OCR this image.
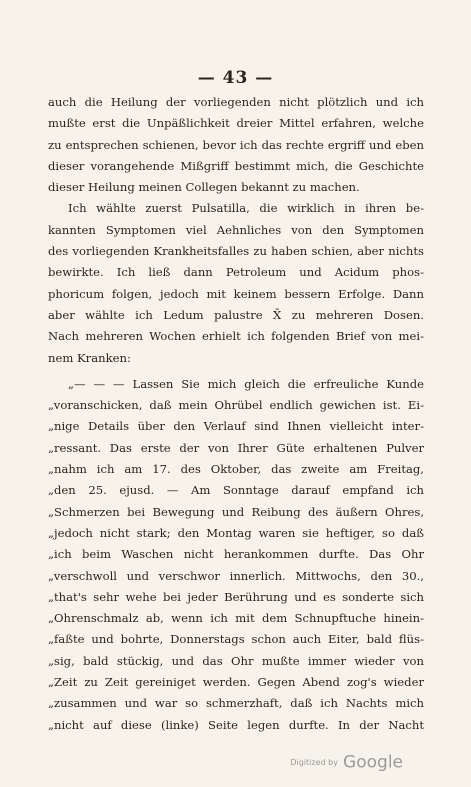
— 43 —
auch die Heilung der vorliegenden nicht plötzlich und ich
mußte erst die Unpäßlichkeit dreier Mittel erfahren, welche
zu entsprechen schienen, bevor ich das rechte ergriff und eben
dieser vorangehende Mißgriff bestimmt mich, die Geschichte
dieser Heilung meinen Collegen bekannt zu machen.
Ich wählte zuerst Pulsatilla, die wirklich in ihren be-
kannten Symptomen viel Aehnliches von den Symptomen
des vorliegenden Krankheitsfalles zu haben schien, aber nichts
bewirkte. Ich ließ dann Petroleum und Acidum phos-
phoricum folgen, jedoch mit keinem bessern Erfolge. Dann
aber wählte ich Ledum palustre X̄ zu mehreren Dosen.
Nach mehreren Wochen erhielt ich folgenden Brief von mei-
nem Kranken:
„— — — Lassen Sie mich gleich die erfreuliche Kunde
„voranschicken, daß mein Ohrübel endlich gewichen ist. Ei-
„nige Details über den Verlauf sind Ihnen vielleicht inter-
„ressant. Das erste der von Ihrer Güte erhaltenen Pulver
„nahm ich am 17. des Oktober, das zweite am Freitag,
„den 25. ejusd. — Am Sonntage darauf empfand ich
„Schmerzen bei Bewegung und Reibung des äußern Ohres,
„jedoch nicht stark; den Montag waren sie heftiger, so daß
„ich beim Waschen nicht herankommen durfte. Das Ohr
„verschwoll und verschwor innerlich. Mittwochs, den 30.,
„that's sehr wehe bei jeder Berührung und es sonderte sich
„Ohrenschmalz ab, wenn ich mit dem Schnupftuche hinein-
„faßte und bohrte, Donnerstags schon auch Eiter, bald flüs-
„sig, bald stückig, und das Ohr mußte immer wieder von
„Zeit zu Zeit gereiniget werden. Gegen Abend zog's wieder
„zusammen und war so schmerzhaft, daß ich Nachts mich
„nicht auf diese (linke) Seite legen durfte. In der Nacht
Digitized by Google
